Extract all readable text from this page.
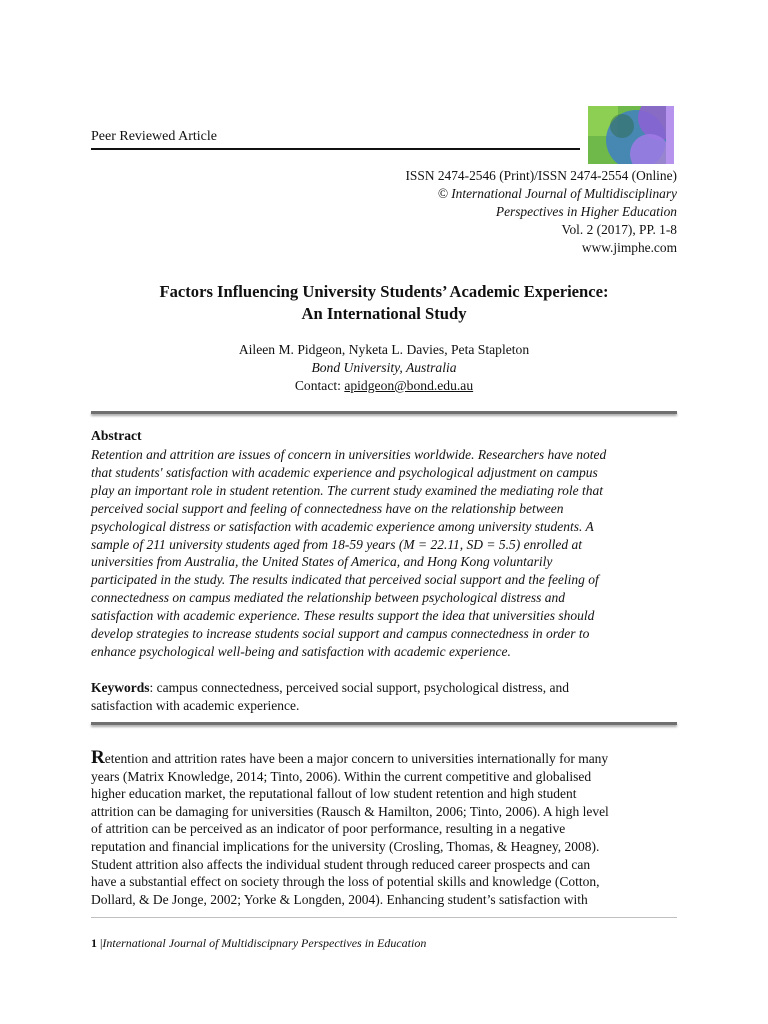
Peer Reviewed Article
ISSN 2474-2546 (Print)/ISSN 2474-2554 (Online)
© International Journal of Multidisciplinary
Perspectives in Higher Education
Vol. 2 (2017), PP. 1-8
www.jimphe.com
Factors Influencing University Students’ Academic Experience:
An International Study
Aileen M. Pidgeon, Nyketa L. Davies, Peta Stapleton
Bond University, Australia
Contact: apidgeon@bond.edu.au
Abstract

Retention and attrition are issues of concern in universities worldwide. Researchers have noted

that students' satisfaction with academic experience and psychological adjustment on campus

play an important role in student retention. The current study examined the mediating role that

perceived social support and feeling of connectedness have on the relationship between

psychological distress or satisfaction with academic experience among university students. A

sample of 211 university students aged from 18-59 years (M = 22.11, SD = 5.5) enrolled at

universities from Australia, the United States of America, and Hong Kong voluntarily

participated in the study. The results indicated that perceived social support and the feeling of

connectedness on campus mediated the relationship between psychological distress and

satisfaction with academic experience. These results support the idea that universities should

develop strategies to increase students social support and campus connectedness in order to

enhance psychological well-being and satisfaction with academic experience.

Keywords: campus connectedness, perceived social support, psychological distress, and

satisfaction with academic experience.

Retention and attrition rates have been a major concern to universities internationally for many

years (Matrix Knowledge, 2014; Tinto, 2006). Within the current competitive and globalised

higher education market, the reputational fallout of low student retention and high student

attrition can be damaging for universities (Rausch & Hamilton, 2006; Tinto, 2006). A high level

of attrition can be perceived as an indicator of poor performance, resulting in a negative

reputation and financial implications for the university (Crosling, Thomas, & Heagney, 2008).

Student attrition also affects the individual student through reduced career prospects and can

have a substantial effect on society through the loss of potential skills and knowledge (Cotton,

Dollard, & De Jonge, 2002; Yorke & Longden, 2004). Enhancing student’s satisfaction with

1 |International Journal of Multidiscipnary Perspectives in Education
